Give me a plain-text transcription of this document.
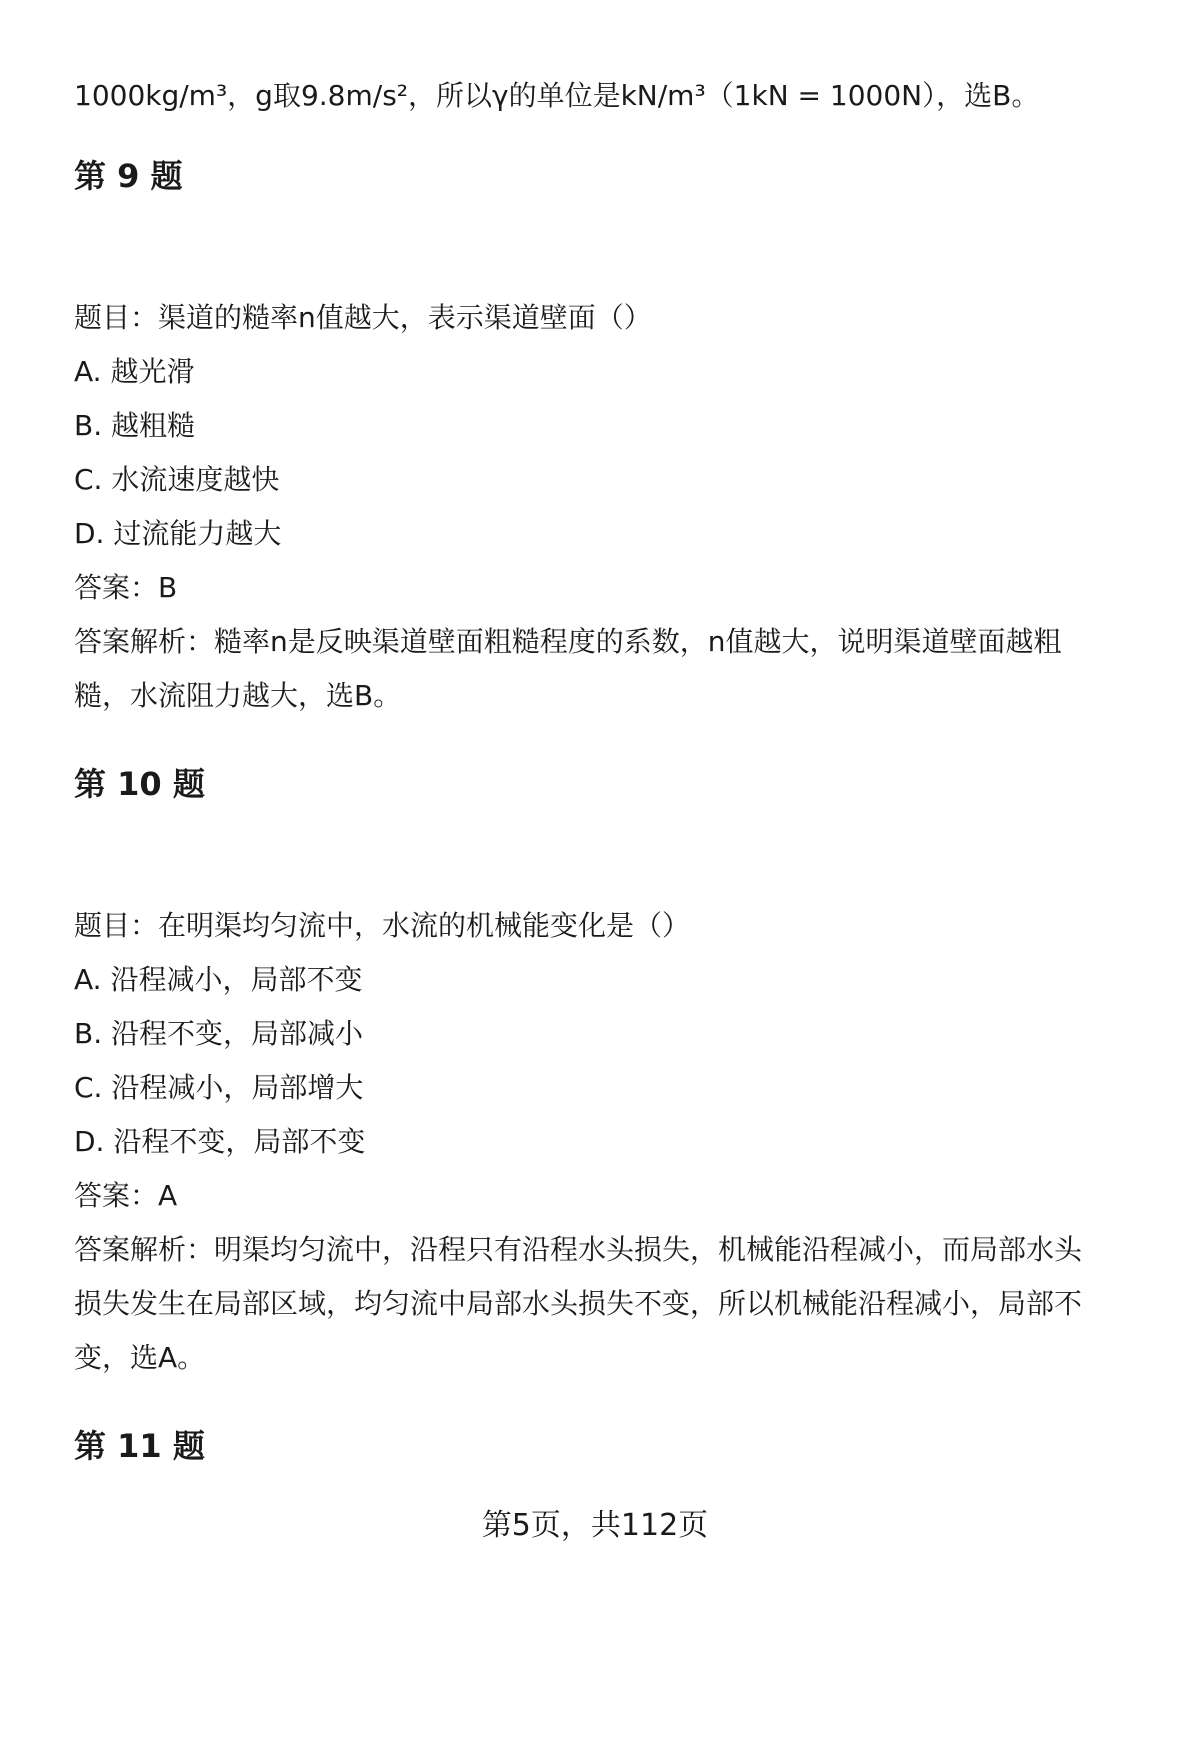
1000kg/m³，g取9.8m/s²，所以γ的单位是kN/m³（1kN = 1000N），选B。
第 9 题
题目：渠道的糙率n值越大，表示渠道壁面（）
A. 越光滑
B. 越粗糙
C. 水流速度越快
D. 过流能力越大
答案：B
答案解析：糙率n是反映渠道壁面粗糙程度的系数，n值越大，说明渠道壁面越粗
糙，水流阻力越大，选B。
第 10 题
题目：在明渠均匀流中，水流的机械能变化是（）
A. 沿程减小，局部不变
B. 沿程不变，局部减小
C. 沿程减小，局部增大
D. 沿程不变，局部不变
答案：A
答案解析：明渠均匀流中，沿程只有沿程水头损失，机械能沿程减小，而局部水头
损失发生在局部区域，均匀流中局部水头损失不变，所以机械能沿程减小，局部不
变，选A。
第 11 题
第5页，共112页
